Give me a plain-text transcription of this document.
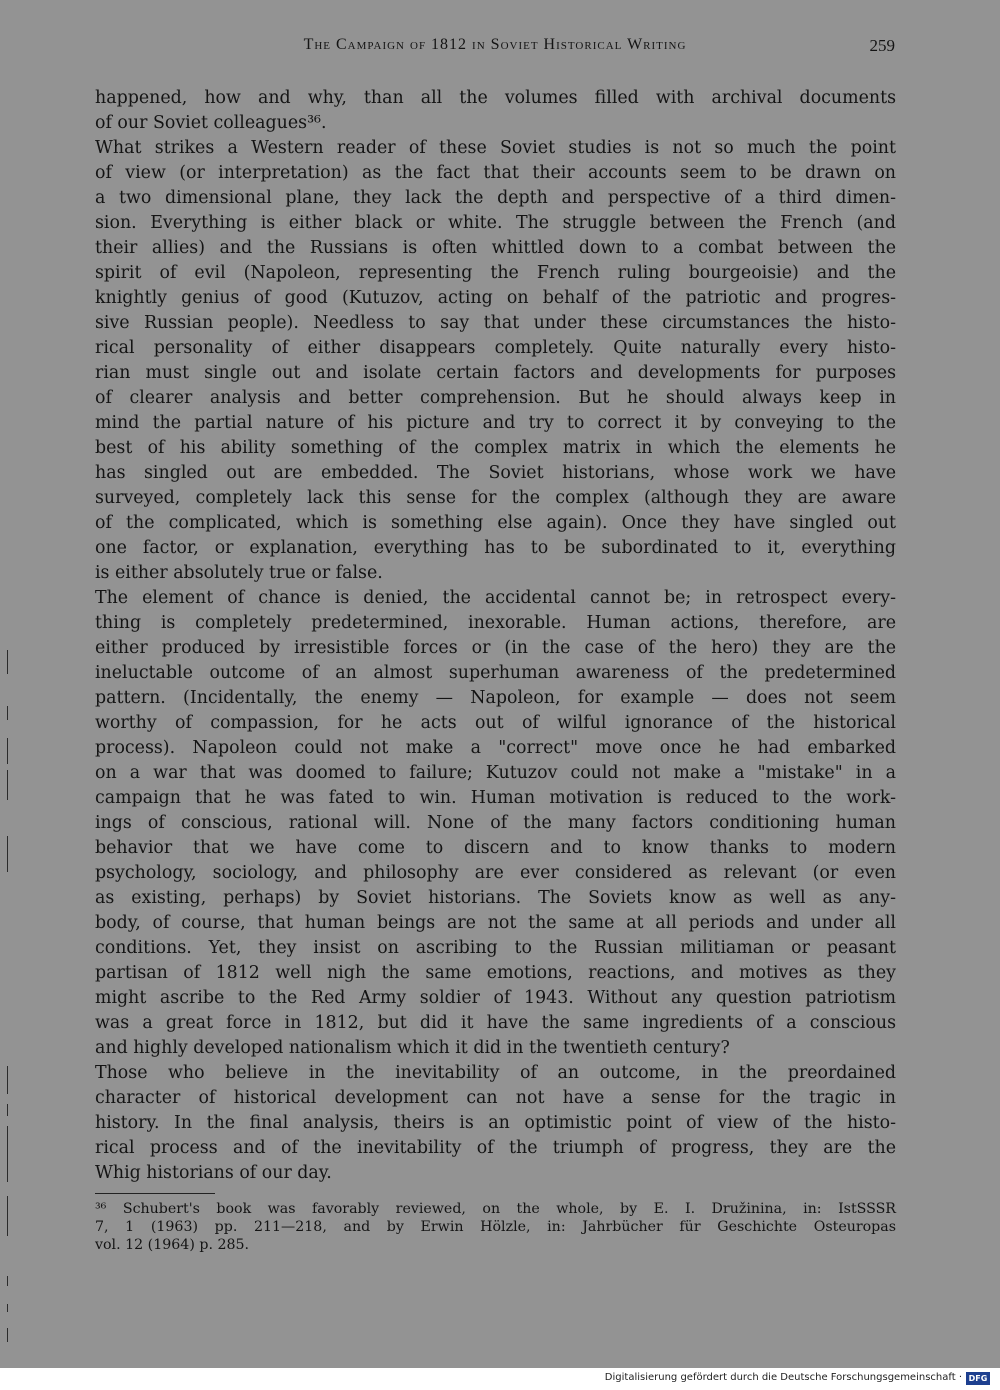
The Campaign of 1812 in Soviet Historical Writing	259
happened, how and why, than all the volumes filled with archival documents
of our Soviet colleagues³⁶.
What strikes a Western reader of these Soviet studies is not so much the point
of view (or interpretation) as the fact that their accounts seem to be drawn on
a two dimensional plane, they lack the depth and perspective of a third dimen-
sion. Everything is either black or white. The struggle between the French (and
their allies) and the Russians is often whittled down to a combat between the
spirit of evil (Napoleon, representing the French ruling bourgeoisie) and the
knightly genius of good (Kutuzov, acting on behalf of the patriotic and progres-
sive Russian people). Needless to say that under these circumstances the histo-
rical personality of either disappears completely. Quite naturally every histo-
rian must single out and isolate certain factors and developments for purposes
of clearer analysis and better comprehension. But he should always keep in
mind the partial nature of his picture and try to correct it by conveying to the
best of his ability something of the complex matrix in which the elements he
has singled out are embedded. The Soviet historians, whose work we have
surveyed, completely lack this sense for the complex (although they are aware
of the complicated, which is something else again). Once they have singled out
one factor, or explanation, everything has to be subordinated to it, everything
is either absolutely true or false.
The element of chance is denied, the accidental cannot be; in retrospect every-
thing is completely predetermined, inexorable. Human actions, therefore, are
either produced by irresistible forces or (in the case of the hero) they are the
ineluctable outcome of an almost superhuman awareness of the predetermined
pattern. (Incidentally, the enemy — Napoleon, for example — does not seem
worthy of compassion, for he acts out of wilful ignorance of the historical
process). Napoleon could not make a "correct" move once he had embarked
on a war that was doomed to failure; Kutuzov could not make a "mistake" in a
campaign that he was fated to win. Human motivation is reduced to the work-
ings of conscious, rational will. None of the many factors conditioning human
behavior that we have come to discern and to know thanks to modern
psychology, sociology, and philosophy are ever considered as relevant (or even
as existing, perhaps) by Soviet historians. The Soviets know as well as any-
body, of course, that human beings are not the same at all periods and under all
conditions. Yet, they insist on ascribing to the Russian militiaman or peasant
partisan of 1812 well nigh the same emotions, reactions, and motives as they
might ascribe to the Red Army soldier of 1943. Without any question patriotism
was a great force in 1812, but did it have the same ingredients of a conscious
and highly developed nationalism which it did in the twentieth century?
Those who believe in the inevitability of an outcome, in the preordained
character of historical development can not have a sense for the tragic in
history. In the final analysis, theirs is an optimistic point of view of the histo-
rical process and of the inevitability of the triumph of progress, they are the
Whig historians of our day.
³⁶ Schubert's book was favorably reviewed, on the whole, by E. I. Družinina, in: IstSSSR
7, 1 (1963) pp. 211—218, and by Erwin Hölzle, in: Jahrbücher für Geschichte Osteuropas
vol. 12 (1964) p. 285.
Digitalisierung gefördert durch die Deutsche Forschungsgemeinschaft · DFG
